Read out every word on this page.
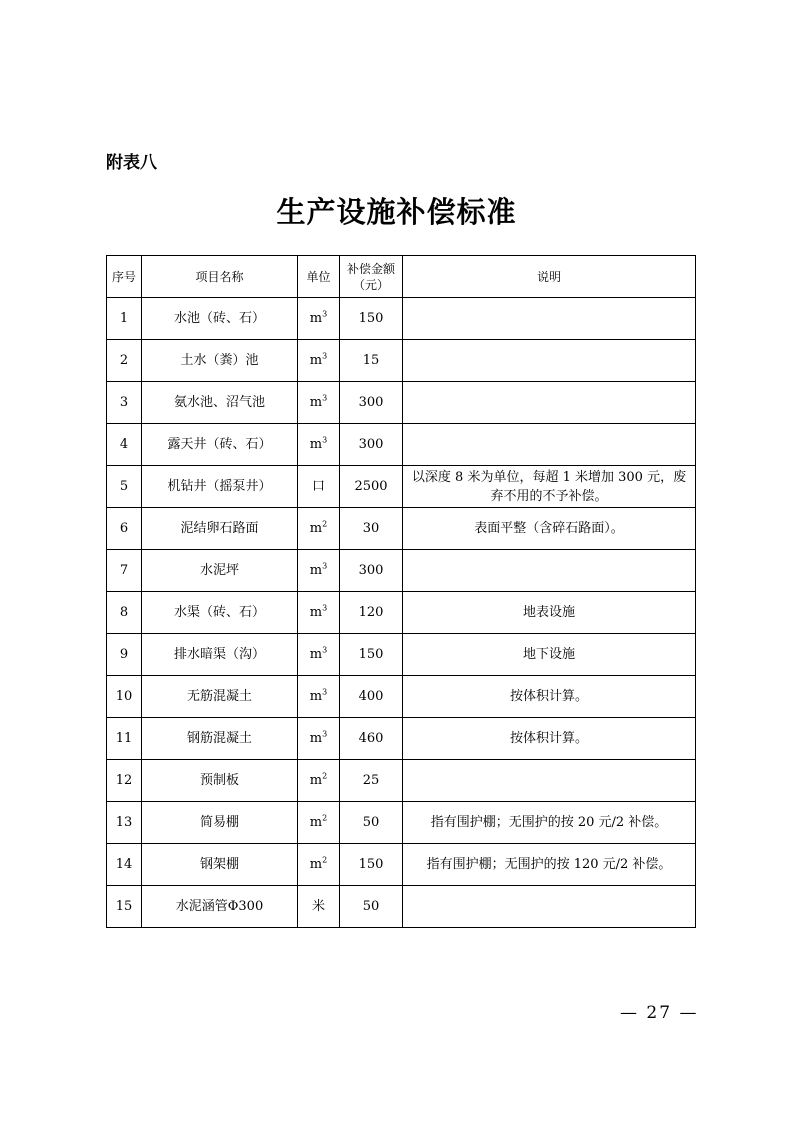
附表八
生产设施补偿标准
序号	项目名称	单位	补偿金额（元）	说明
1	水池（砖、石）	$m^3$	150	
2	土水（粪）池	$m^3$	15	
3	氨水池、沼气池	$m^3$	300	
4	露天井（砖、石）	$m^3$	300	
5	机钻井（摇泵井）	口	2500	以深度 8 米为单位，每超 1 米增加 300 元，废弃不用的不予补偿。
6	泥结卵石路面	$m^2$	30	表面平整（含碎石路面）。
7	水泥坪	$m^3$	300	
8	水渠（砖、石）	$m^3$	120	地表设施
9	排水暗渠（沟）	$m^3$	150	地下设施
10	无筋混凝土	$m^3$	400	按体积计算。
11	钢筋混凝土	$m^3$	460	按体积计算。
12	预制板	$m^2$	25	
13	简易棚	$m^2$	50	指有围护棚；无围护的按 20 元/2 补偿。
14	钢架棚	$m^2$	150	指有围护棚；无围护的按 120 元/2 补偿。
15	水泥涵管Φ300	米	50	
— 27 —
